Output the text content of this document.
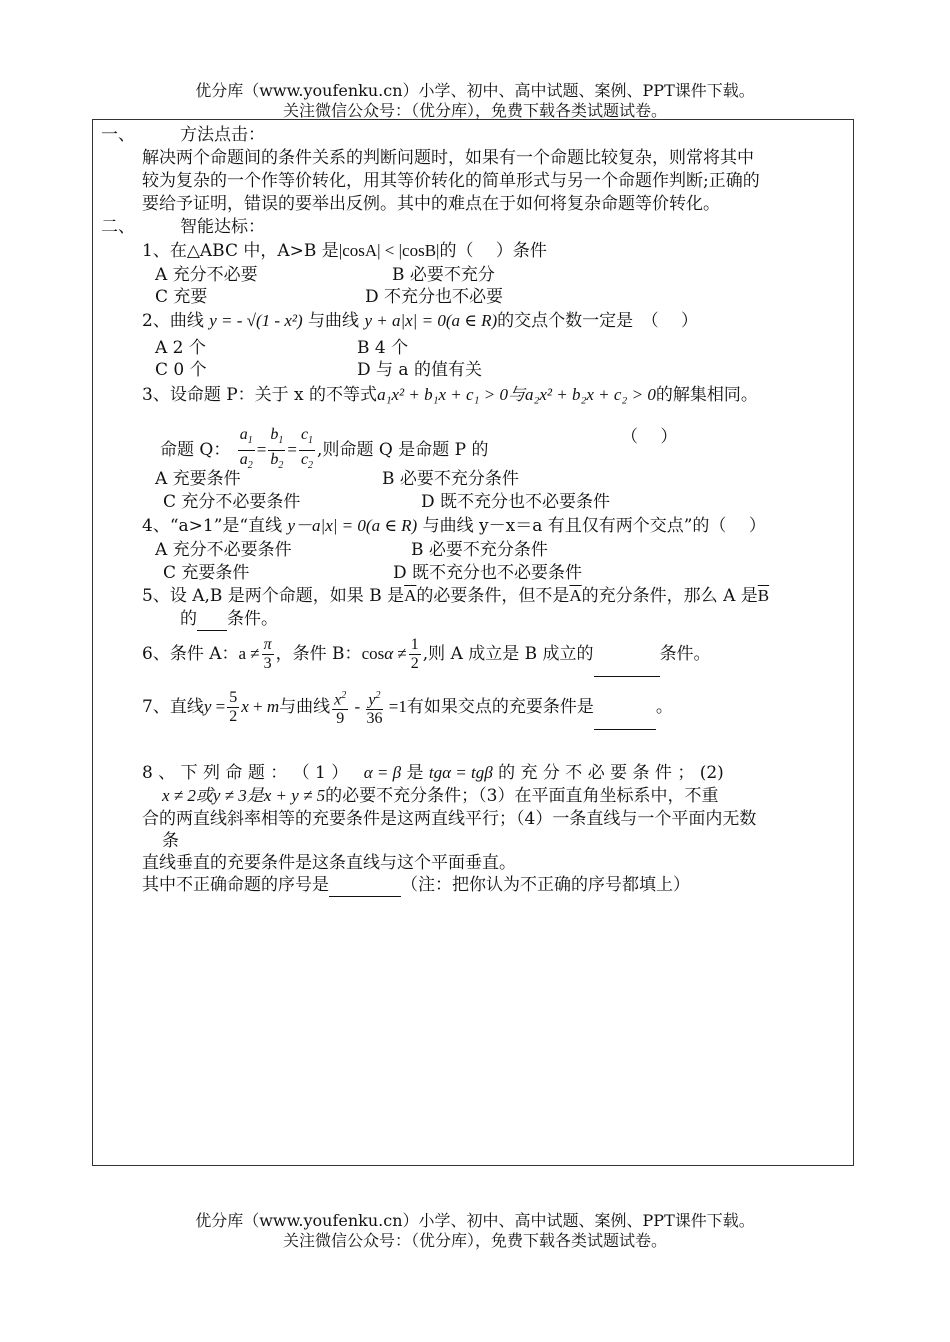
优分库（www.youfenku.cn）小学、初中、高中试题、案例、PPT课件下载。
关注微信公众号：（优分库），免费下载各类试题试卷。
一、	方法点击：
解决两个命题间的条件关系的判断问题时，如果有一个命题比较复杂，则常将其中
较为复杂的一个作等价转化，用其等价转化的简单形式与另一个命题作判断;正确的
要给予证明，错误的要举出反例。其中的难点在于如何将复杂命题等价转化。
二、	智能达标：
1、在△ABC 中，A>B 是|cosA| < |cosB|的（　 ）条件
A 充分不必要	B 必要不充分
C 充要	D 不充分也不必要
2、曲线 y = - √(1 - x²) 与曲线 y + a|x| = 0(a ∈ R)的交点个数一定是　（　 ）
A 2 个	B 4 个
C 0 个	D 与 a 的值有关
3、设命题 P：关于 x 的不等式a₁x² + b₁x + c₁ > 0与a₂x² + b₂x + c₂ > 0的解集相同。
命题 Q： $\frac{a_1}{a_2} = \frac{b_1}{b_2} = \frac{c_1}{c_2}$ ,则命题 Q 是命题 P 的
（　 ）
A 充要条件	B 必要不充分条件
C 充分不必要条件	D 既不充分也不必要条件
4、“a>1”是“直线 y－a|x| = 0(a ∈ R) 与曲线 y－x＝a 有且仅有两个交点”的（　 ）
A 充分不必要条件	B 必要不充分条件
C 充要条件	D 既不充分也不必要条件
5、设 A,B 是两个命题，如果 B 是$\overline{A}$的必要条件，但不是$\overline{A}$的充分条件，那么 A 是$\overline{B}$
的 条件。
6、条件 A：$a \ne \frac{\pi}{3}$ ，条件 B：$\cos\alpha \ne \frac{1}{2}$ ,则 A 成立是 B 成立的	条件。
7、直线$y = \frac{5}{2}$ x + m与曲线 $\frac{x^2}{9} - \frac{y^2}{36} =1$有如果交点的充要条件是	。
8 、 下 列 命 题 ： （ 1 ） α = β 是 tgα = tgβ 的 充 分 不 必 要 条 件 ； (2)
x ≠ 2或y ≠ 3是x + y ≠ 5的必要不充分条件；（3）在平面直角坐标系中，不重
合的两直线斜率相等的充要条件是这两直线平行；（4）一条直线与一个平面内无数
条
直线垂直的充要条件是这条直线与这个平面垂直。
其中不正确命题的序号是	（注：把你认为不正确的序号都填上）
优分库（www.youfenku.cn）小学、初中、高中试题、案例、PPT课件下载。
关注微信公众号：（优分库），免费下载各类试题试卷。
